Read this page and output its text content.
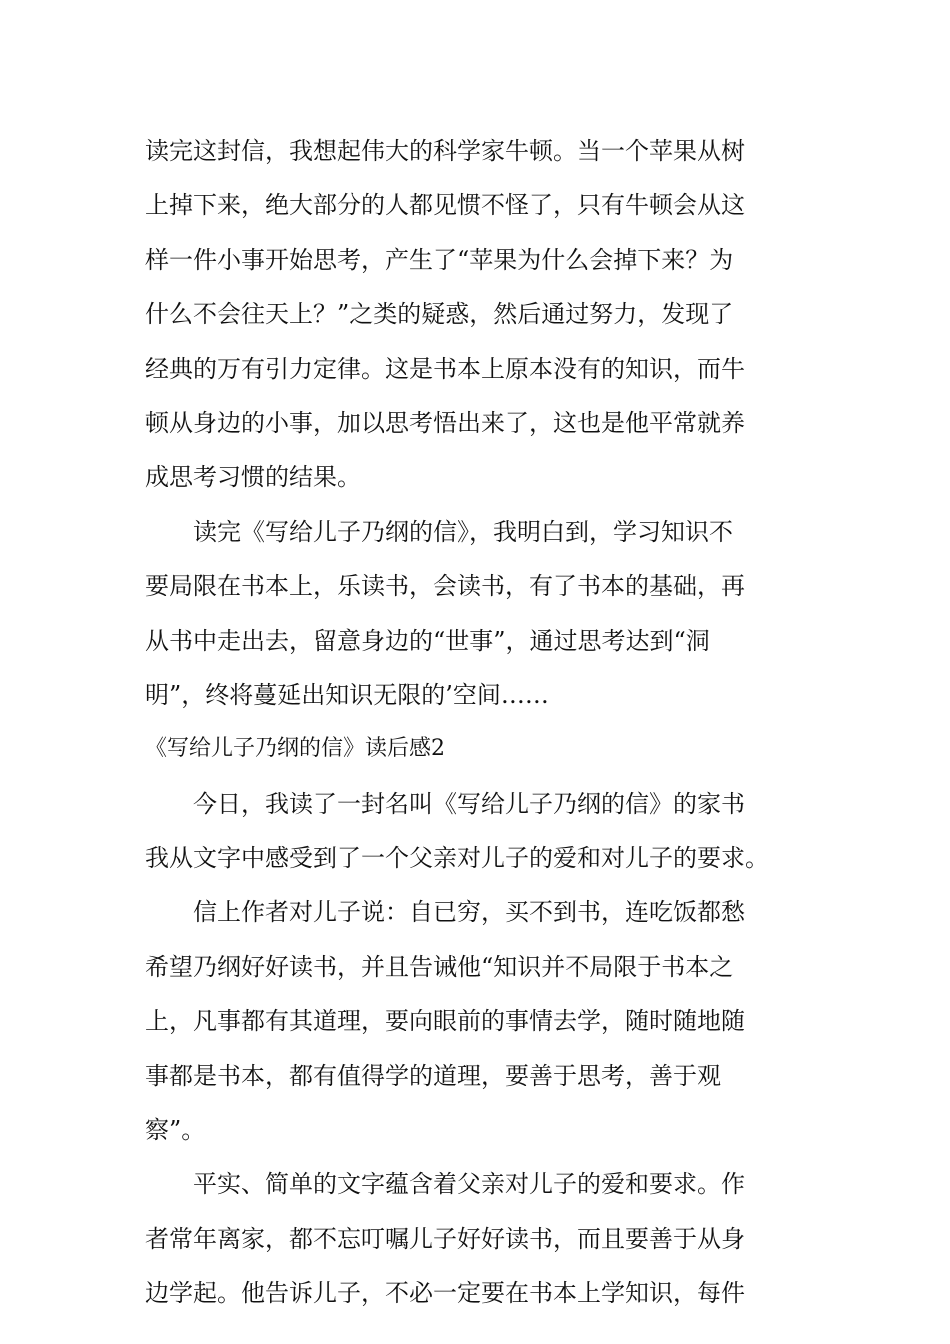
读完这封信，我想起伟大的科学家牛顿。当一个苹果从树
上掉下来，绝大部分的人都见惯不怪了，只有牛顿会从这
样一件小事开始思考，产生了“苹果为什么会掉下来？为
什么不会往天上？”之类的疑惑，然后通过努力，发现了
经典的万有引力定律。这是书本上原本没有的知识，而牛
顿从身边的小事，加以思考悟出来了，这也是他平常就养
成思考习惯的结果。
读完《写给儿子乃纲的信》，我明白到，学习知识不
要局限在书本上，乐读书，会读书，有了书本的基础，再
从书中走出去，留意身边的“世事”，通过思考达到“洞
明”，终将蔓延出知识无限的’空间……
《写给儿子乃纲的信》读后感2
今日，我读了一封名叫《写给儿子乃纲的信》的家书
我从文字中感受到了一个父亲对儿子的爱和对儿子的要求。
信上作者对儿子说：自已穷，买不到书，连吃饭都愁
希望乃纲好好读书，并且告诫他“知识并不局限于书本之
上，凡事都有其道理，要向眼前的事情去学，随时随地随
事都是书本，都有值得学的道理，要善于思考，善于观
察”。
平实、简单的文字蕴含着父亲对儿子的爱和要求。作
者常年离家，都不忘叮嘱儿子好好读书，而且要善于从身
边学起。他告诉儿子，不必一定要在书本上学知识，每件
